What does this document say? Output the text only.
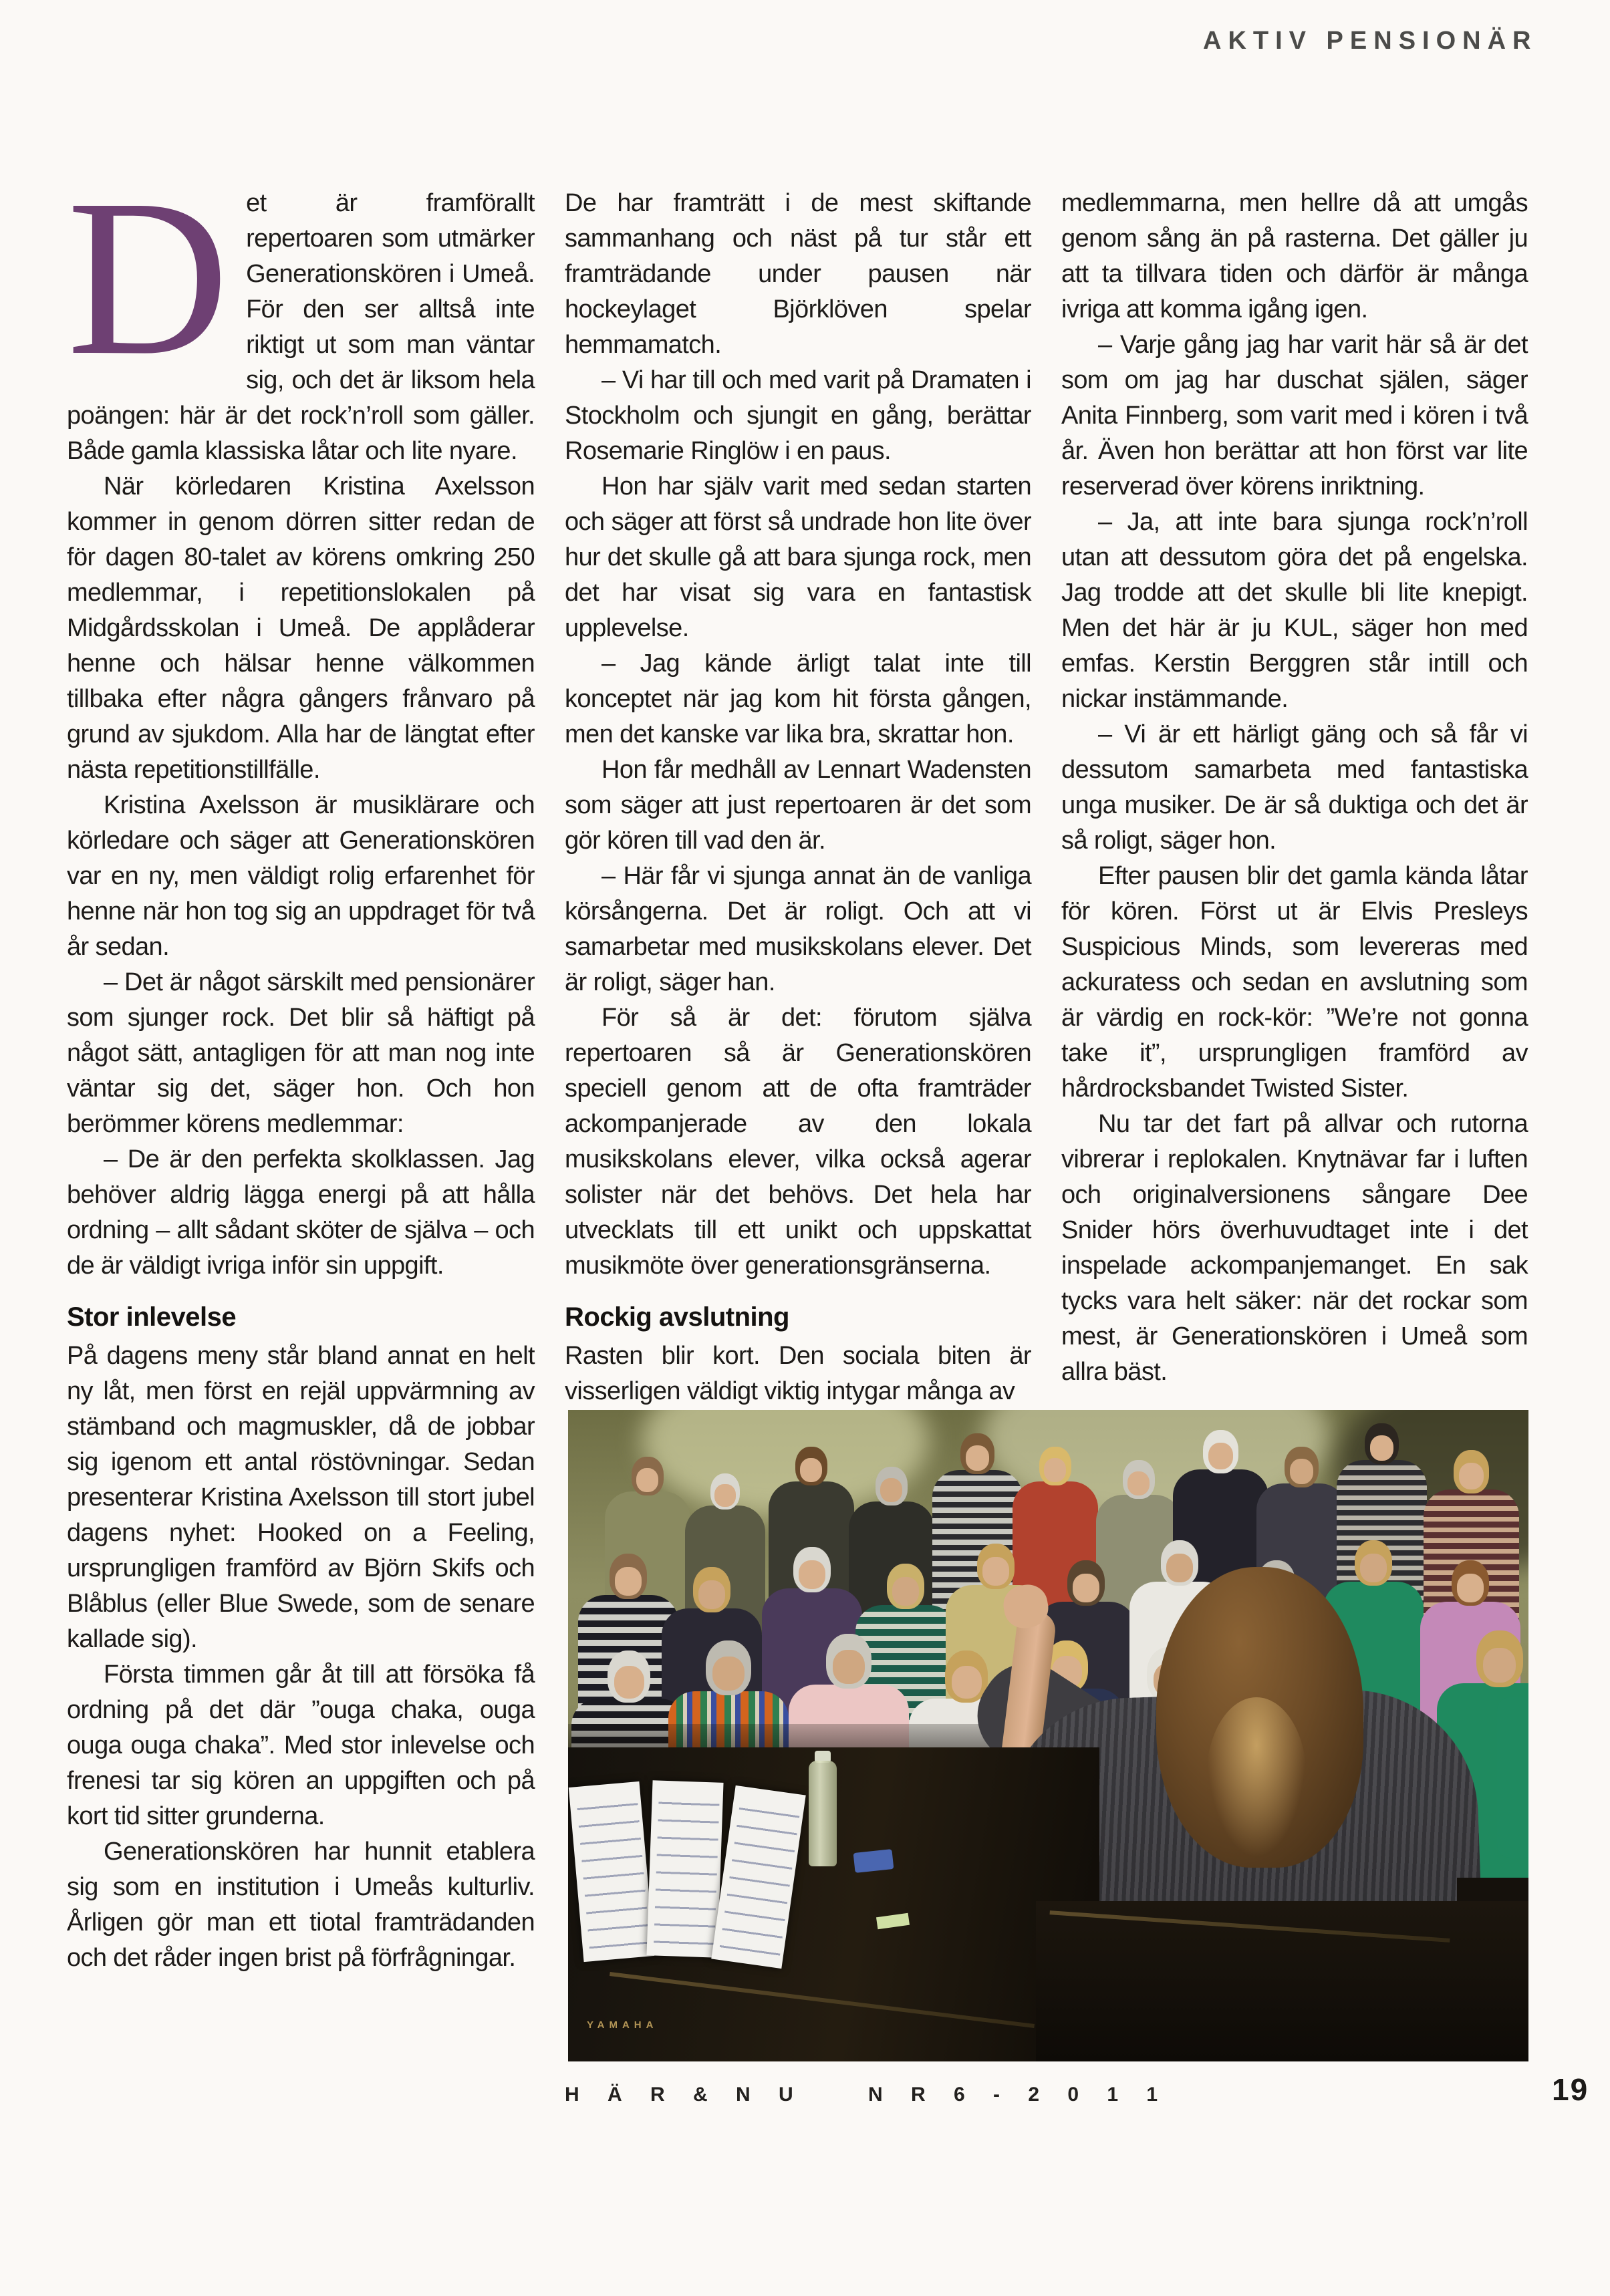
AKTIV PENSIONÄR

Det är framförallt repertoaren som utmärker Generationskören i Umeå. För den ser alltså inte riktigt ut som man väntar sig, och det är liksom hela poängen: här är det rock’n’roll som gäller. Både gamla klassiska låtar och lite nyare.

När körledaren Kristina Axelsson kommer in genom dörren sitter redan de för dagen 80-talet av körens omkring 250 medlemmar, i repetitionslokalen på Midgårdsskolan i Umeå. De applåderar henne och hälsar henne välkommen tillbaka efter några gångers frånvaro på grund av sjukdom. Alla har de längtat efter nästa repetitionstillfälle.

Kristina Axelsson är musiklärare och körledare och säger att Generationskören var en ny, men väldigt rolig erfarenhet för henne när hon tog sig an uppdraget för två år sedan.

– Det är något särskilt med pensionärer som sjunger rock. Det blir så häftigt på något sätt, antagligen för att man nog inte väntar sig det, säger hon. Och hon berömmer körens medlemmar:

– De är den perfekta skolklassen. Jag behöver aldrig lägga energi på att hålla ordning – allt sådant sköter de själva – och de är väldigt ivriga inför sin uppgift.

Stor inlevelse

På dagens meny står bland annat en helt ny låt, men först en rejäl uppvärmning av stämband och magmuskler, då de jobbar sig igenom ett antal röstövningar. Sedan presenterar Kristina Axelsson till stort jubel dagens nyhet: Hooked on a Feeling, ursprungligen framförd av Björn Skifs och Blåblus (eller Blue Swede, som de senare kallade sig).

Första timmen går åt till att försöka få ordning på det där ”ouga chaka, ouga ouga ouga chaka”. Med stor inlevelse och frenesi tar sig kören an uppgiften och på kort tid sitter grunderna.

Generationskören har hunnit etablera sig som en institution i Umeås kulturliv. Årligen gör man ett tiotal framträdanden och det råder ingen brist på förfrågningar.

De har framträtt i de mest skiftande sammanhang och näst på tur står ett framträdande under pausen när hockeylaget Björklöven spelar hemmamatch.

– Vi har till och med varit på Dramaten i Stockholm och sjungit en gång, berättar Rosemarie Ringlöw i en paus.

Hon har själv varit med sedan starten och säger att först så undrade hon lite över hur det skulle gå att bara sjunga rock, men det har visat sig vara en fantastisk upplevelse.

– Jag kände ärligt talat inte till konceptet när jag kom hit första gången, men det kanske var lika bra, skrattar hon.

Hon får medhåll av Lennart Wadensten som säger att just repertoaren är det som gör kören till vad den är.

– Här får vi sjunga annat än de vanliga körsångerna. Det är roligt. Och att vi samarbetar med musikskolans elever. Det är roligt, säger han.

För så är det: förutom själva repertoaren så är Generationskören speciell genom att de ofta framträder ackompanjerade av den lokala musikskolans elever, vilka också agerar solister när det behövs. Det hela har utvecklats till ett unikt och uppskattat musikmöte över generationsgränserna.

Rockig avslutning

Rasten blir kort. Den sociala biten är visserligen väldigt viktig intygar många av

medlemmarna, men hellre då att umgås genom sång än på rasterna. Det gäller ju att ta tillvara tiden och därför är många ivriga att komma igång igen.

– Varje gång jag har varit här så är det som om jag har duschat själen, säger Anita Finnberg, som varit med i kören i två år. Även hon berättar att hon först var lite reserverad över körens inriktning.

– Ja, att inte bara sjunga rock’n’roll utan att dessutom göra det på engelska. Jag trodde att det skulle bli lite knepigt. Men det här är ju KUL, säger hon med emfas. Kerstin Berggren står intill och nickar instämmande.

– Vi är ett härligt gäng och så får vi dessutom samarbeta med fantastiska unga musiker. De är så duktiga och det är så roligt, säger hon.

Efter pausen blir det gamla kända låtar för kören. Först ut är Elvis Presleys Suspicious Minds, som levereras med ackuratess och sedan en avslutning som är värdig en rock-kör: ”We’re not gonna take it”, ursprungligen framförd av hårdrocksbandet Twisted Sister.

Nu tar det fart på allvar och rutorna vibrerar i replokalen. Knytnävar far i luften och originalversionens sångare Dee Snider hörs överhuvudtaget inte i det inspelade ackompanjemanget. En sak tycks vara helt säker: när det rockar som mest, är Generationskören i Umeå som allra bäst.

YAMAHA
H Ä R & N U	N R 6 - 2 0 1 1	19
